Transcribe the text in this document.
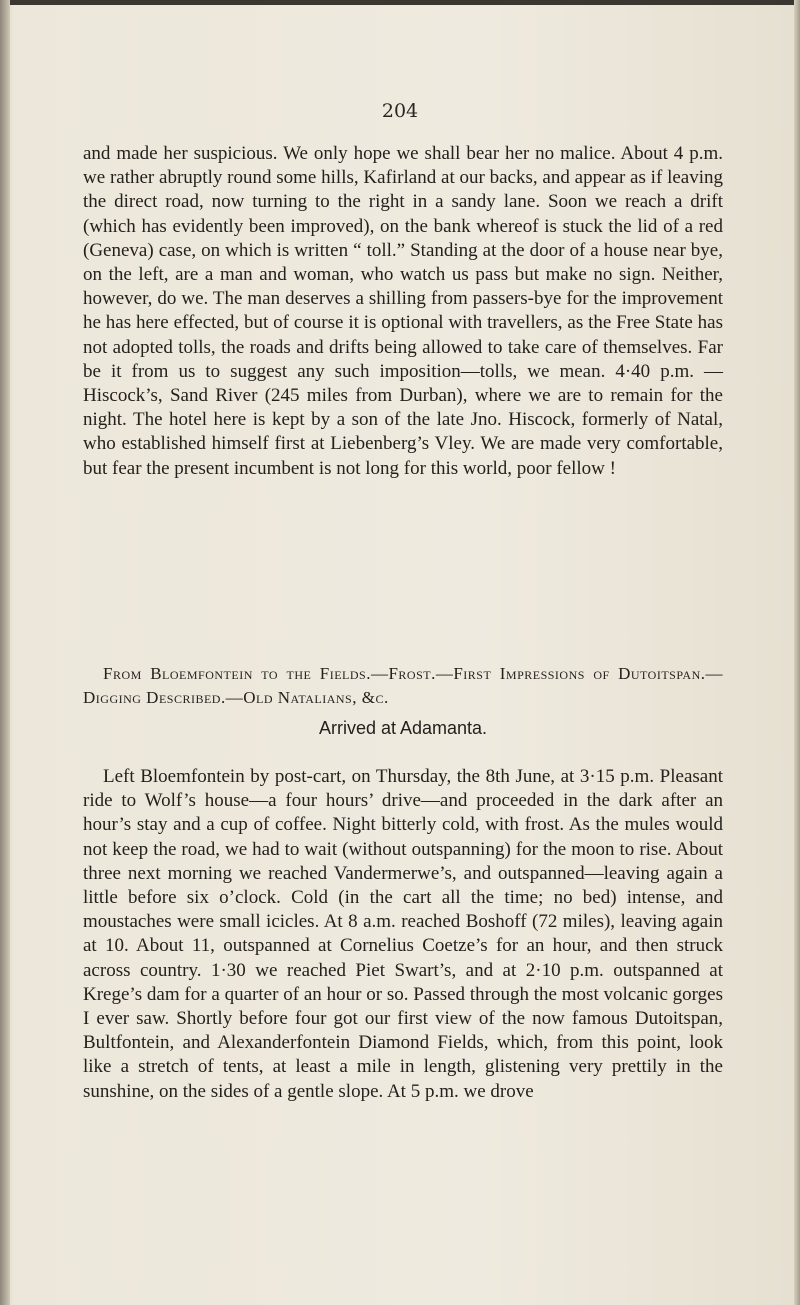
204

and made her suspicious. We only hope we shall bear her no malice. About 4 p.m. we rather abruptly round some hills, Kafirland at our backs, and appear as if leaving the direct road, now turning to the right in a sandy lane. Soon we reach a drift (which has evidently been improved), on the bank whereof is stuck the lid of a red (Geneva) case, on which is written “ toll.” Standing at the door of a house near bye, on the left, are a man and woman, who watch us pass but make no sign. Neither, however, do we. The man deserves a shilling from passers-bye for the improvement he has here effected, but of course it is optional with travellers, as the Free State has not adopted tolls, the roads and drifts being allowed to take care of themselves. Far be it from us to suggest any such imposition—tolls, we mean. 4·40 p.m. —Hiscock’s, Sand River (245 miles from Durban), where we are to remain for the night. The hotel here is kept by a son of the late Jno. Hiscock, formerly of Natal, who established himself first at Liebenberg’s Vley. We are made very comfortable, but fear the present incumbent is not long for this world, poor fellow !

From Bloemfontein to the Fields.—Frost.—First Impressions of Dutoitspan.—Digging Described.—Old Natalians, &c.

Arrived at Adamanta.

Left Bloemfontein by post-cart, on Thursday, the 8th June, at 3·15 p.m. Pleasant ride to Wolf’s house—a four hours’ drive—and proceeded in the dark after an hour’s stay and a cup of coffee. Night bitterly cold, with frost. As the mules would not keep the road, we had to wait (without outspanning) for the moon to rise. About three next morning we reached Vandermerwe’s, and outspanned—leaving again a little before six o’clock. Cold (in the cart all the time; no bed) intense, and moustaches were small icicles. At 8 a.m. reached Boshoff (72 miles), leaving again at 10. About 11, outspanned at Cornelius Coetze’s for an hour, and then struck across country. 1·30 we reached Piet Swart’s, and at 2·10 p.m. outspanned at Krege’s dam for a quarter of an hour or so. Passed through the most volcanic gorges I ever saw. Shortly before four got our first view of the now famous Dutoitspan, Bultfontein, and Alexanderfontein Diamond Fields, which, from this point, look like a stretch of tents, at least a mile in length, glistening very prettily in the sunshine, on the sides of a gentle slope. At 5 p.m. we drove
